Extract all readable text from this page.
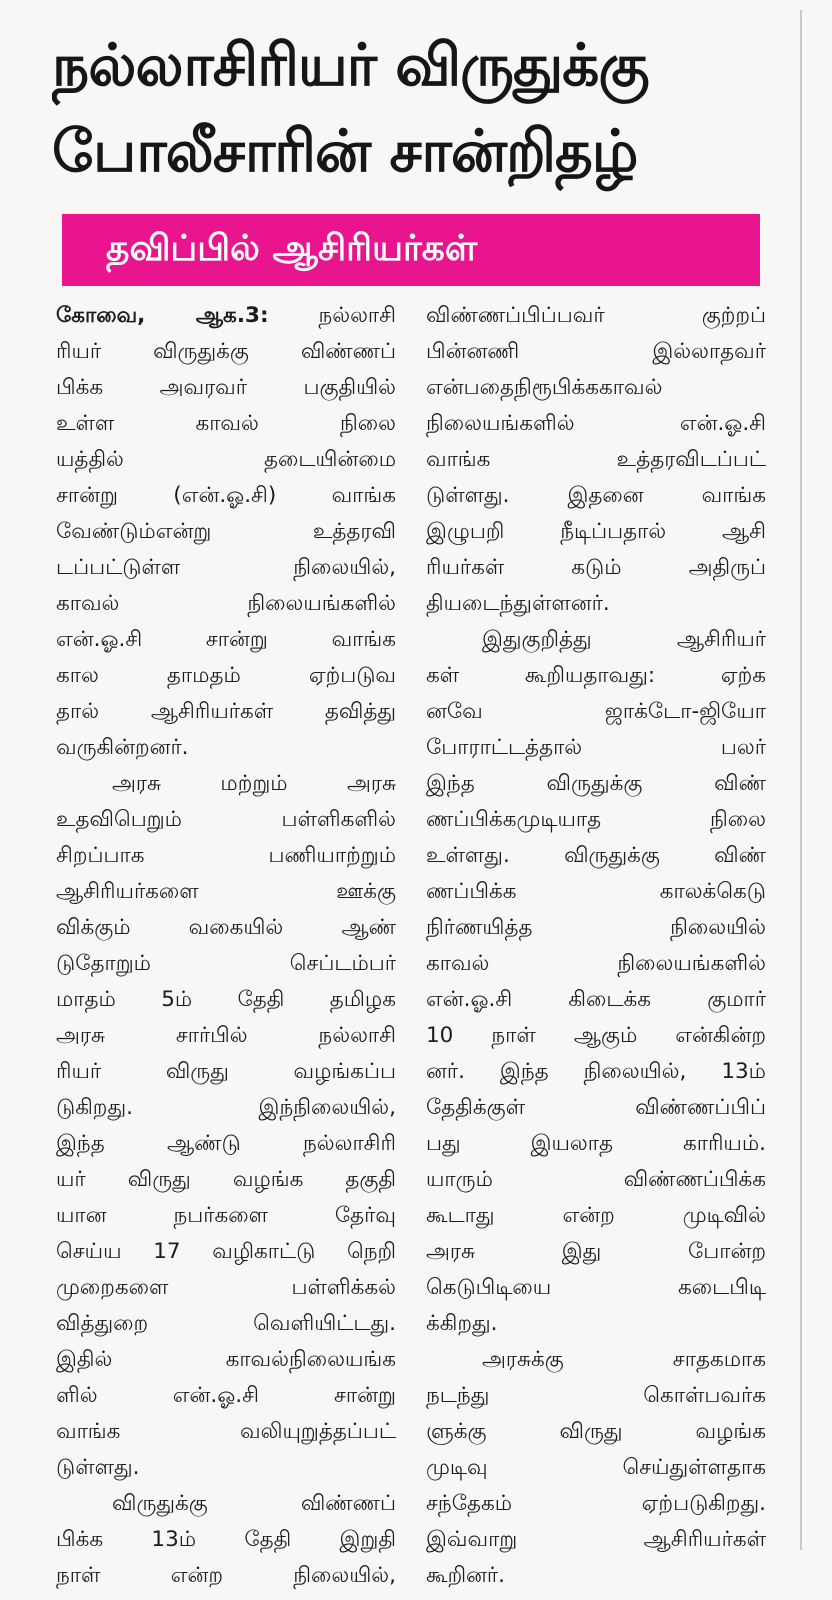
நல்லாசிரியர் விருதுக்கு
போலீசாரின் சான்றிதழ்
தவிப்பில் ஆசிரியர்கள்
கோவை, ஆக.3: நல்லாசி
ரியர் விருதுக்கு விண்ணப்
பிக்க அவரவர் பகுதியில்
உள்ள காவல் நிலை
யத்தில் தடையின்மை
சான்று (என்.ஓ.சி) வாங்க
வேண்டும்என்று உத்தரவி
டப்பட்டுள்ள நிலையில்,
காவல் நிலையங்களில்
என்.ஓ.சி சான்று வாங்க
கால தாமதம் ஏற்படுவ
தால் ஆசிரியர்கள் தவித்து
வருகின்றனர்.
அரசு மற்றும் அரசு
உதவிபெறும் பள்ளிகளில்
சிறப்பாக பணியாற்றும்
ஆசிரியர்களை ஊக்கு
விக்கும் வகையில் ஆண்
டுதோறும் செப்டம்பர்
மாதம் 5ம் தேதி தமிழக
அரசு சார்பில் நல்லாசி
ரியர் விருது வழங்கப்ப
டுகிறது. இந்நிலையில்,
இந்த ஆண்டு நல்லாசிரி
யர் விருது வழங்க தகுதி
யான நபர்களை தேர்வு
செய்ய 17 வழிகாட்டு நெறி
முறைகளை பள்ளிக்கல்
வித்துறை வெளியிட்டது.
இதில் காவல்நிலையங்க
ளில் என்.ஓ.சி சான்று
வாங்க வலியுறுத்தப்பட்
டுள்ளது.
விருதுக்கு விண்ணப்
பிக்க 13ம் தேதி இறுதி
நாள் என்ற நிலையில்,
விண்ணப்பிப்பவர் குற்றப்
பின்னணி இல்லாதவர்
என்பதைநிரூபிக்ககாவல்
நிலையங்களில் என்.ஓ.சி
வாங்க உத்தரவிடப்பட்
டுள்ளது. இதனை வாங்க
இழுபறி நீடிப்பதால் ஆசி
ரியர்கள் கடும் அதிருப்
தியடைந்துள்ளனர்.
இதுகுறித்து ஆசிரியர்
கள் கூறியதாவது: ஏற்க
னவே ஜாக்டோ-ஜியோ
போராட்டத்தால் பலர்
இந்த விருதுக்கு விண்
ணப்பிக்கமுடியாத நிலை
உள்ளது. விருதுக்கு விண்
ணப்பிக்க காலக்கெடு
நிர்ணயித்த நிலையில்
காவல் நிலையங்களில்
என்.ஓ.சி கிடைக்க குமார்
10 நாள் ஆகும் என்கின்ற
னர். இந்த நிலையில், 13ம்
தேதிக்குள் விண்ணப்பிப்
பது இயலாத காரியம்.
யாரும் விண்ணப்பிக்க
கூடாது என்ற முடிவில்
அரசு இது போன்ற
கெடுபிடியை கடைபிடி
க்கிறது.
அரசுக்கு சாதகமாக
நடந்து கொள்பவர்க
ளுக்கு விருது வழங்க
முடிவு செய்துள்ளதாக
சந்தேகம் ஏற்படுகிறது.
இவ்வாறு ஆசிரியர்கள்
கூறினர்.
